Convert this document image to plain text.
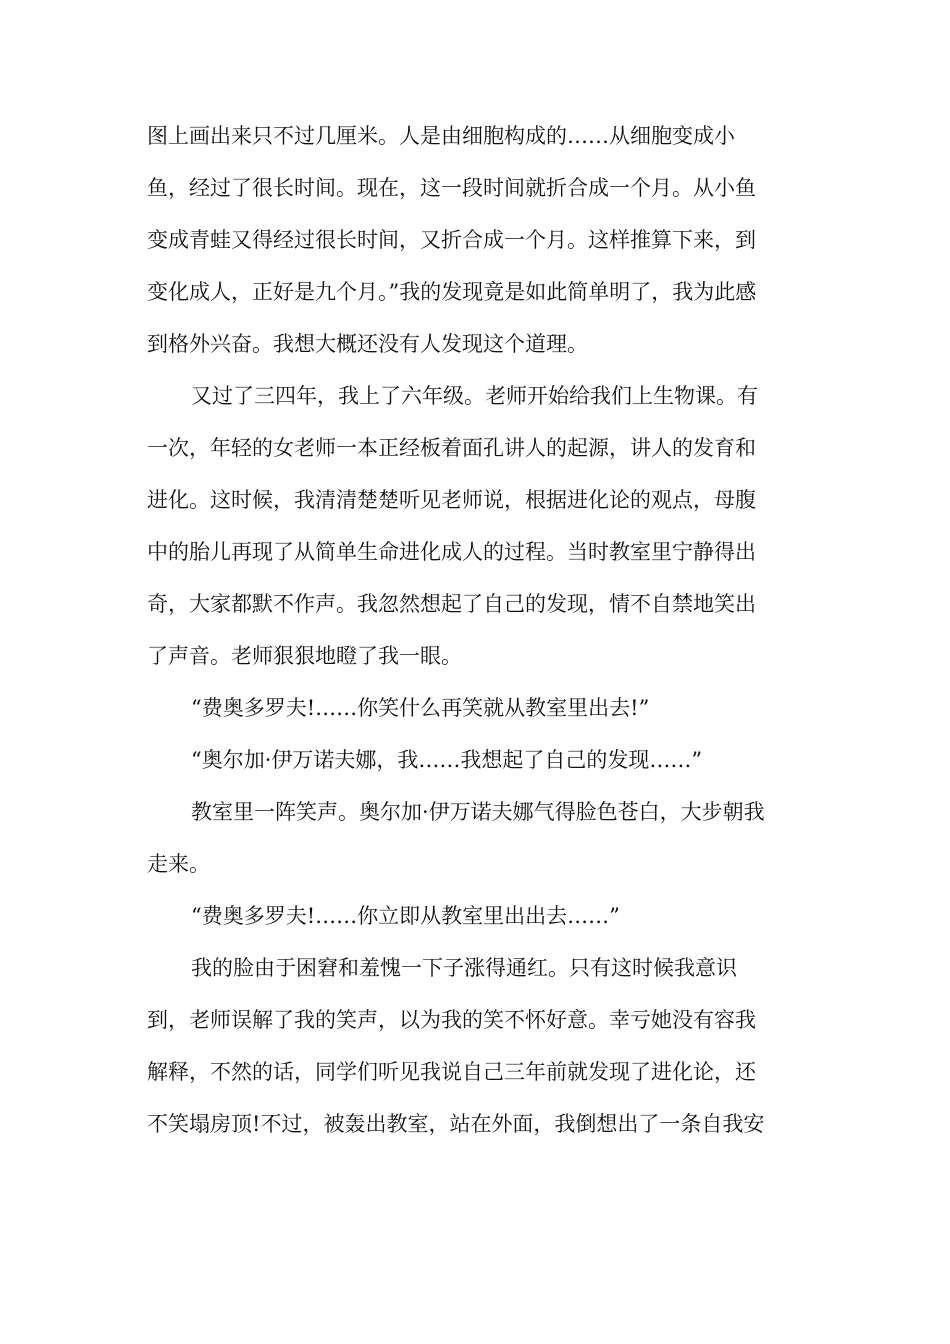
图上画出来只不过几厘米。人是由细胞构成的……从细胞变成小
鱼，经过了很长时间。现在，这一段时间就折合成一个月。从小鱼
变成青蛙又得经过很长时间，又折合成一个月。这样推算下来，到
变化成人，正好是九个月。”我的发现竟是如此简单明了，我为此感
到格外兴奋。我想大概还没有人发现这个道理。
又过了三四年，我上了六年级。老师开始给我们上生物课。有
一次，年轻的女老师一本正经板着面孔讲人的起源，讲人的发育和
进化。这时候，我清清楚楚听见老师说，根据进化论的观点，母腹
中的胎儿再现了从简单生命进化成人的过程。当时教室里宁静得出
奇，大家都默不作声。我忽然想起了自己的发现，情不自禁地笑出
了声音。老师狠狠地瞪了我一眼。
“费奥多罗夫!……你笑什么再笑就从教室里出去!”
“奥尔加·伊万诺夫娜，我……我想起了自己的发现……”
教室里一阵笑声。奥尔加·伊万诺夫娜气得脸色苍白，大步朝我
走来。
“费奥多罗夫!……你立即从教室里出出去……”
我的脸由于困窘和羞愧一下子涨得通红。只有这时候我意识
到，老师误解了我的笑声，以为我的笑不怀好意。幸亏她没有容我
解释，不然的话，同学们听见我说自己三年前就发现了进化论，还
不笑塌房顶!不过，被轰出教室，站在外面，我倒想出了一条自我安
